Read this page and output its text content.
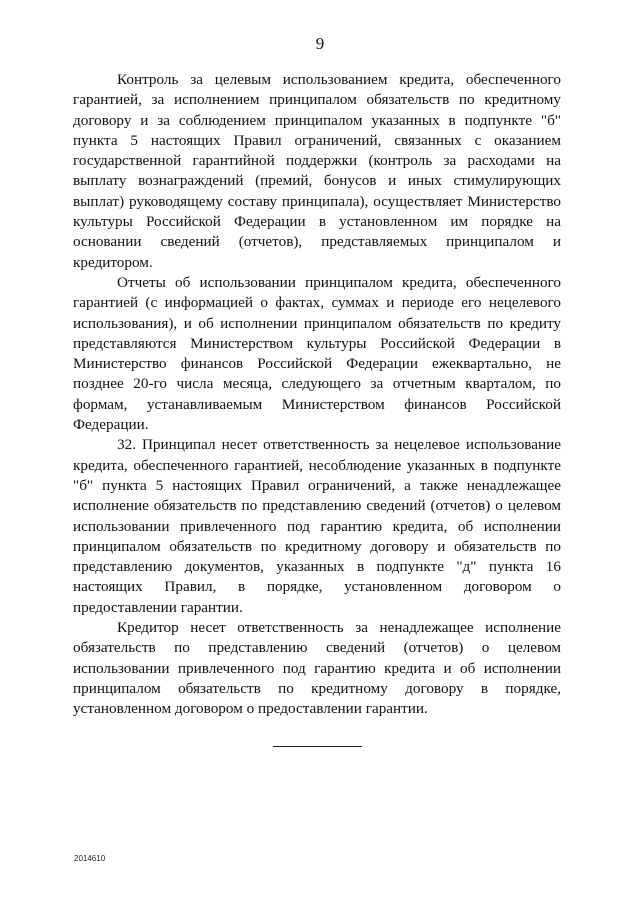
9

Контроль за целевым использованием кредита, обеспеченного гарантией, за исполнением принципалом обязательств по кредитному договору и за соблюдением принципалом указанных в подпункте "б" пункта 5 настоящих Правил ограничений, связанных с оказанием государственной гарантийной поддержки (контроль за расходами на выплату вознаграждений (премий, бонусов и иных стимулирующих выплат) руководящему составу принципала), осуществляет Министерство культуры Российской Федерации в установленном им порядке на основании сведений (отчетов), представляемых принципалом и кредитором.

Отчеты об использовании принципалом кредита, обеспеченного гарантией (с информацией о фактах, суммах и периоде его нецелевого использования), и об исполнении принципалом обязательств по кредиту представляются Министерством культуры Российской Федерации в Министерство финансов Российской Федерации ежеквартально, не позднее 20-го числа месяца, следующего за отчетным кварталом, по формам, устанавливаемым Министерством финансов Российской Федерации.

32. Принципал несет ответственность за нецелевое использование кредита, обеспеченного гарантией, несоблюдение указанных в подпункте "б" пункта 5 настоящих Правил ограничений, а также ненадлежащее исполнение обязательств по представлению сведений (отчетов) о целевом использовании привлеченного под гарантию кредита, об исполнении принципалом обязательств по кредитному договору и обязательств по представлению документов, указанных в подпункте "д" пункта 16 настоящих Правил, в порядке, установленном договором о предоставлении гарантии.

Кредитор несет ответственность за ненадлежащее исполнение обязательств по представлению сведений (отчетов) о целевом использовании привлеченного под гарантию кредита и об исполнении принципалом обязательств по кредитному договору в порядке, установленном договором о предоставлении гарантии.

2014610
